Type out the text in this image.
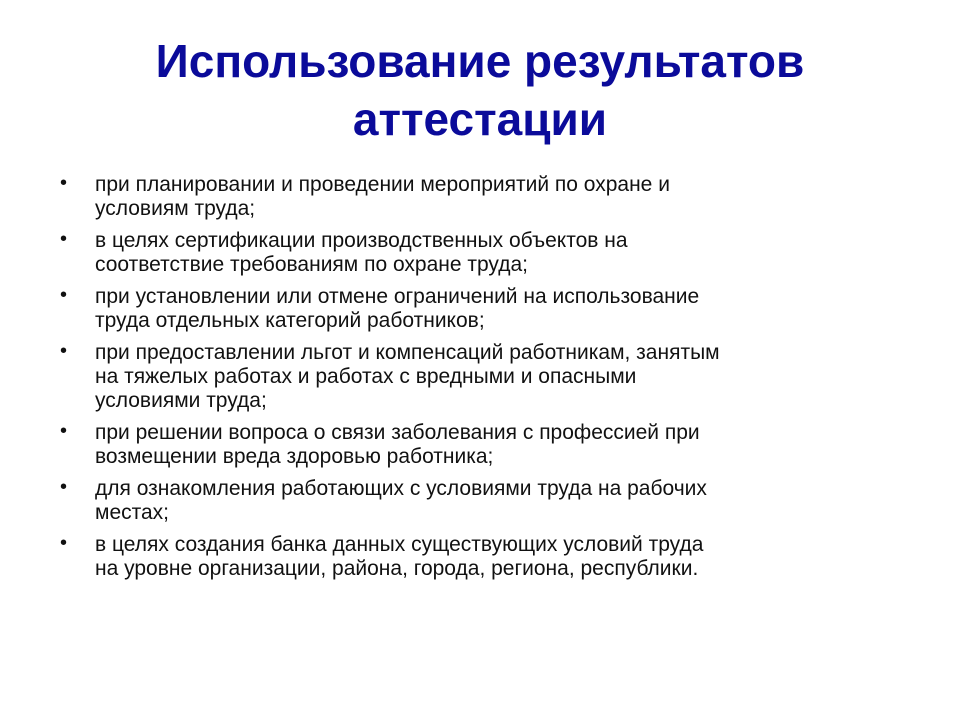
Использование результатов
аттестации
• при планировании и проведении мероприятий по охране и
условиям труда;
• в целях сертификации производственных объектов на
соответствие требованиям по охране труда;
• при установлении или отмене ограничений на использование
труда отдельных категорий работников;
• при предоставлении льгот и компенсаций работникам, занятым
на тяжелых работах и работах с вредными и опасными
условиями труда;
• при решении вопроса о связи заболевания с профессией при
возмещении вреда здоровью работника;
• для ознакомления работающих с условиями труда на рабочих
местах;
• в целях создания банка данных существующих условий труда
на уровне организации, района, города, региона, республики.
